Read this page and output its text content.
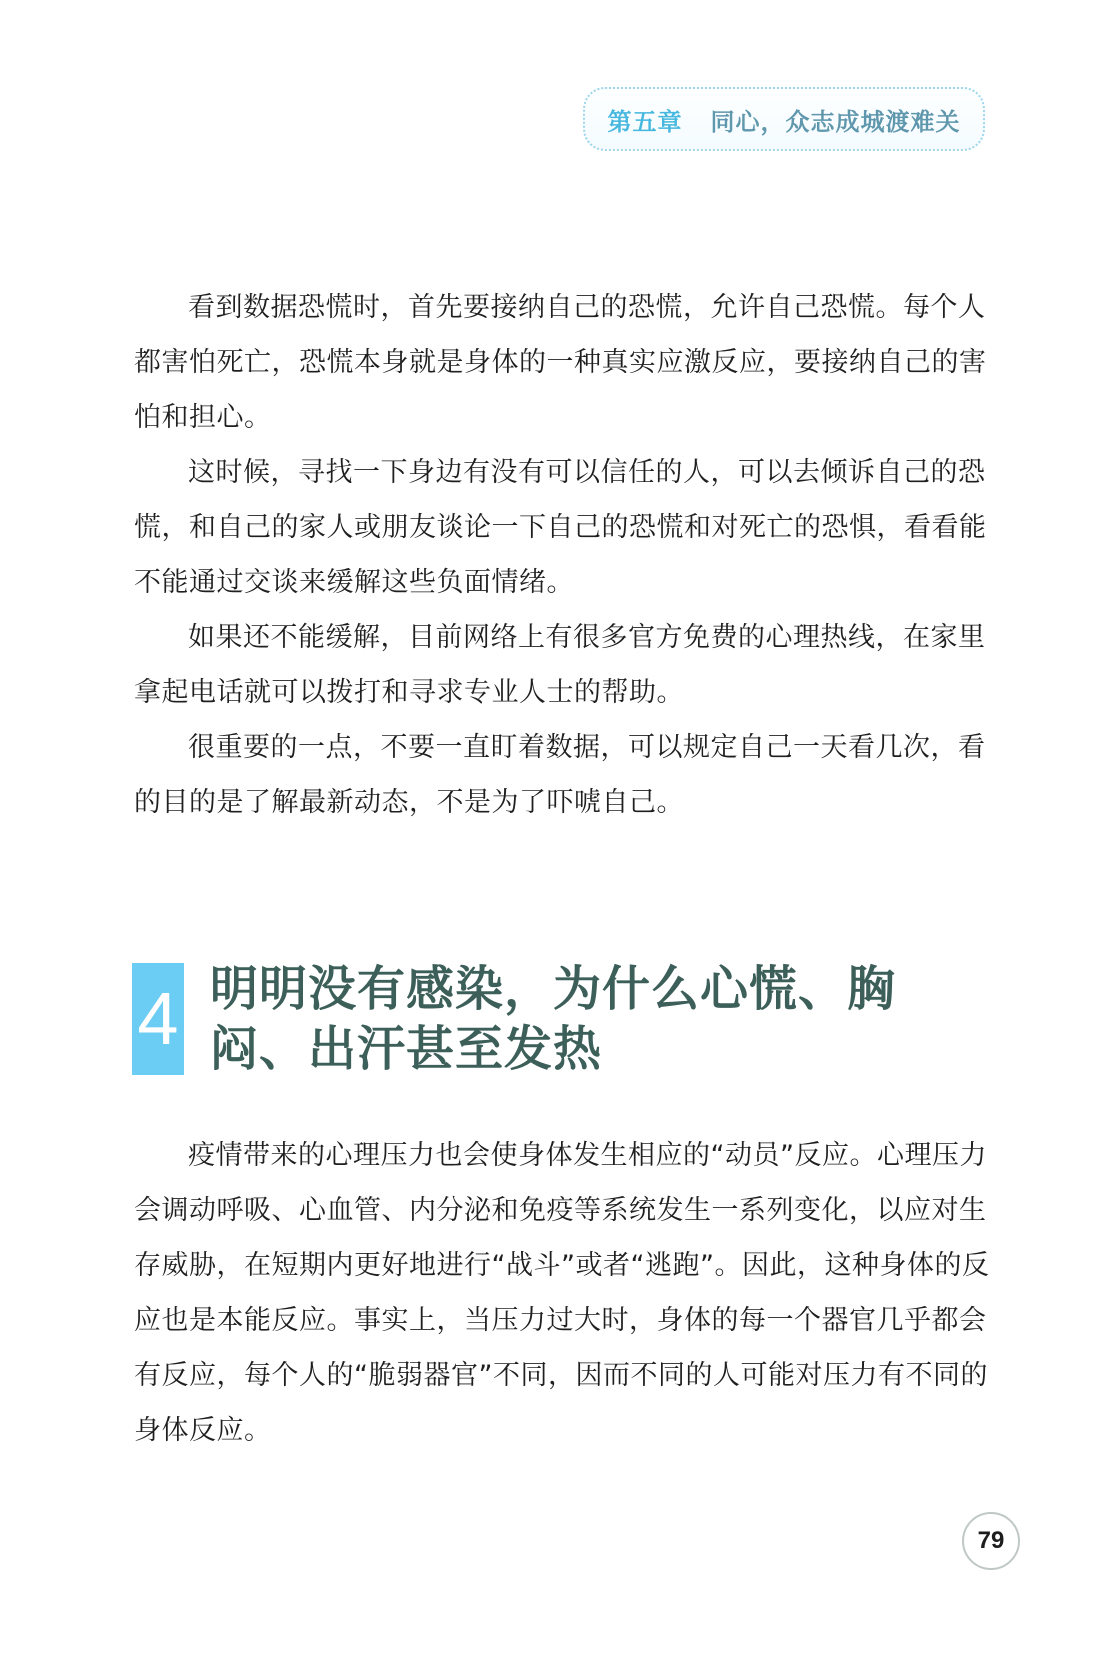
第五章 同心，众志成城渡难关

看到数据恐慌时，首先要接纳自己的恐慌，允许自己恐慌。每个人都害怕死亡，恐慌本身就是身体的一种真实应激反应，要接纳自己的害怕和担心。

这时候，寻找一下身边有没有可以信任的人，可以去倾诉自己的恐慌，和自己的家人或朋友谈论一下自己的恐慌和对死亡的恐惧，看看能不能通过交谈来缓解这些负面情绪。

如果还不能缓解，目前网络上有很多官方免费的心理热线，在家里拿起电话就可以拨打和寻求专业人士的帮助。

很重要的一点，不要一直盯着数据，可以规定自己一天看几次，看的目的是了解最新动态，不是为了吓唬自己。

4 明明没有感染，为什么心慌、胸闷、出汗甚至发热

疫情带来的心理压力也会使身体发生相应的“动员”反应。心理压力会调动呼吸、心血管、内分泌和免疫等系统发生一系列变化，以应对生存威胁，在短期内更好地进行“战斗”或者“逃跑”。因此，这种身体的反应也是本能反应。事实上，当压力过大时，身体的每一个器官几乎都会有反应，每个人的“脆弱器官”不同，因而不同的人可能对压力有不同的身体反应。

79
